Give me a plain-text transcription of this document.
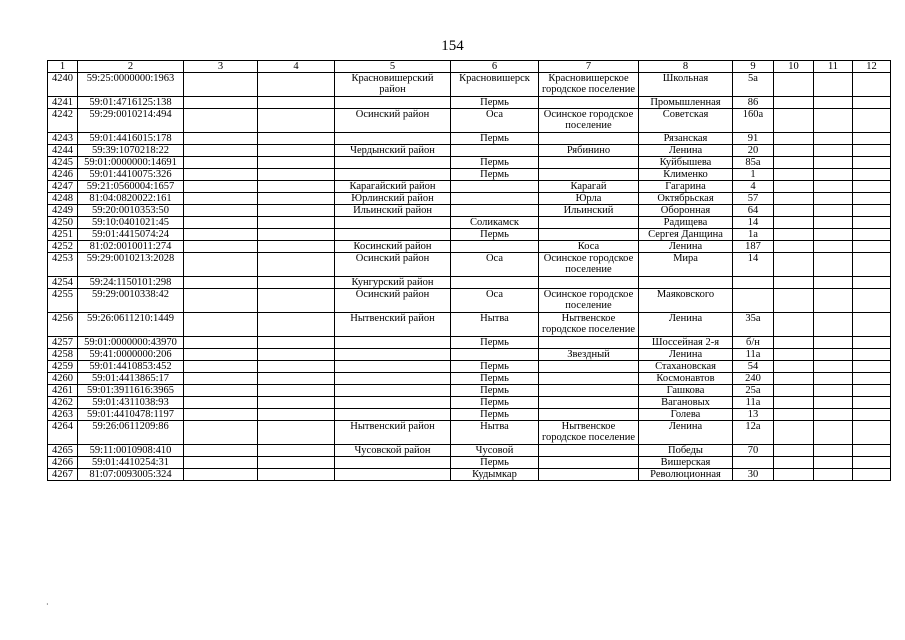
154
1	2	3	4	5	6	7	8	9	10	11	12
4240	59:25:0000000:1963			Красновишерский район	Красновишерск	Красновишерское городское поселение	Школьная	5а			
4241	59:01:4716125:138				Пермь		Промышленная	86			
4242	59:29:0010214:494			Осинский район	Оса	Осинское городское поселение	Советская	160а			
4243	59:01:4416015:178				Пермь		Рязанская	91			
4244	59:39:1070218:22			Чердынский район		Рябинино	Ленина	20			
4245	59:01:0000000:14691				Пермь		Куйбышева	85а			
4246	59:01:4410075:326				Пермь		Клименко	1			
4247	59:21:0560004:1657			Карагайский район		Карагай	Гагарина	4			
4248	81:04:0820022:161			Юрлинский район		Юрла	Октябрьская	57			
4249	59:20:0010353:50			Ильинский район		Ильинский	Оборонная	64			
4250	59:10:0401021:45				Соликамск		Радищева	14			
4251	59:01:4415074:24				Пермь		Сергея Данщина	1а			
4252	81:02:0010011:274			Косинский район		Коса	Ленина	187			
4253	59:29:0010213:2028			Осинский район	Оса	Осинское городское поселение	Мира	14			
4254	59:24:1150101:298			Кунгурский район							
4255	59:29:0010338:42			Осинский район	Оса	Осинское городское поселение	Маяковского				
4256	59:26:0611210:1449			Нытвенский район	Нытва	Нытвенское городское поселение	Ленина	35а			
4257	59:01:0000000:43970				Пермь		Шоссейная 2-я	б/н			
4258	59:41:0000000:206					Звездный	Ленина	11а			
4259	59:01:4410853:452				Пермь		Стахановская	54			
4260	59:01:4413865:17				Пермь		Космонавтов	240			
4261	59:01:3911616:3965				Пермь		Гашкова	25а			
4262	59:01:4311038:93				Пермь		Вагановых	11а			
4263	59:01:4410478:1197				Пермь		Голева	13			
4264	59:26:0611209:86			Нытвенский район	Нытва	Нытвенское городское поселение	Ленина	12а			
4265	59:11:0010908:410			Чусовской район	Чусовой		Победы	70			
4266	59:01:4410254:31				Пермь		Вишерская				
4267	81:07:0093005:324				Кудымкар		Революционная	30			
·
